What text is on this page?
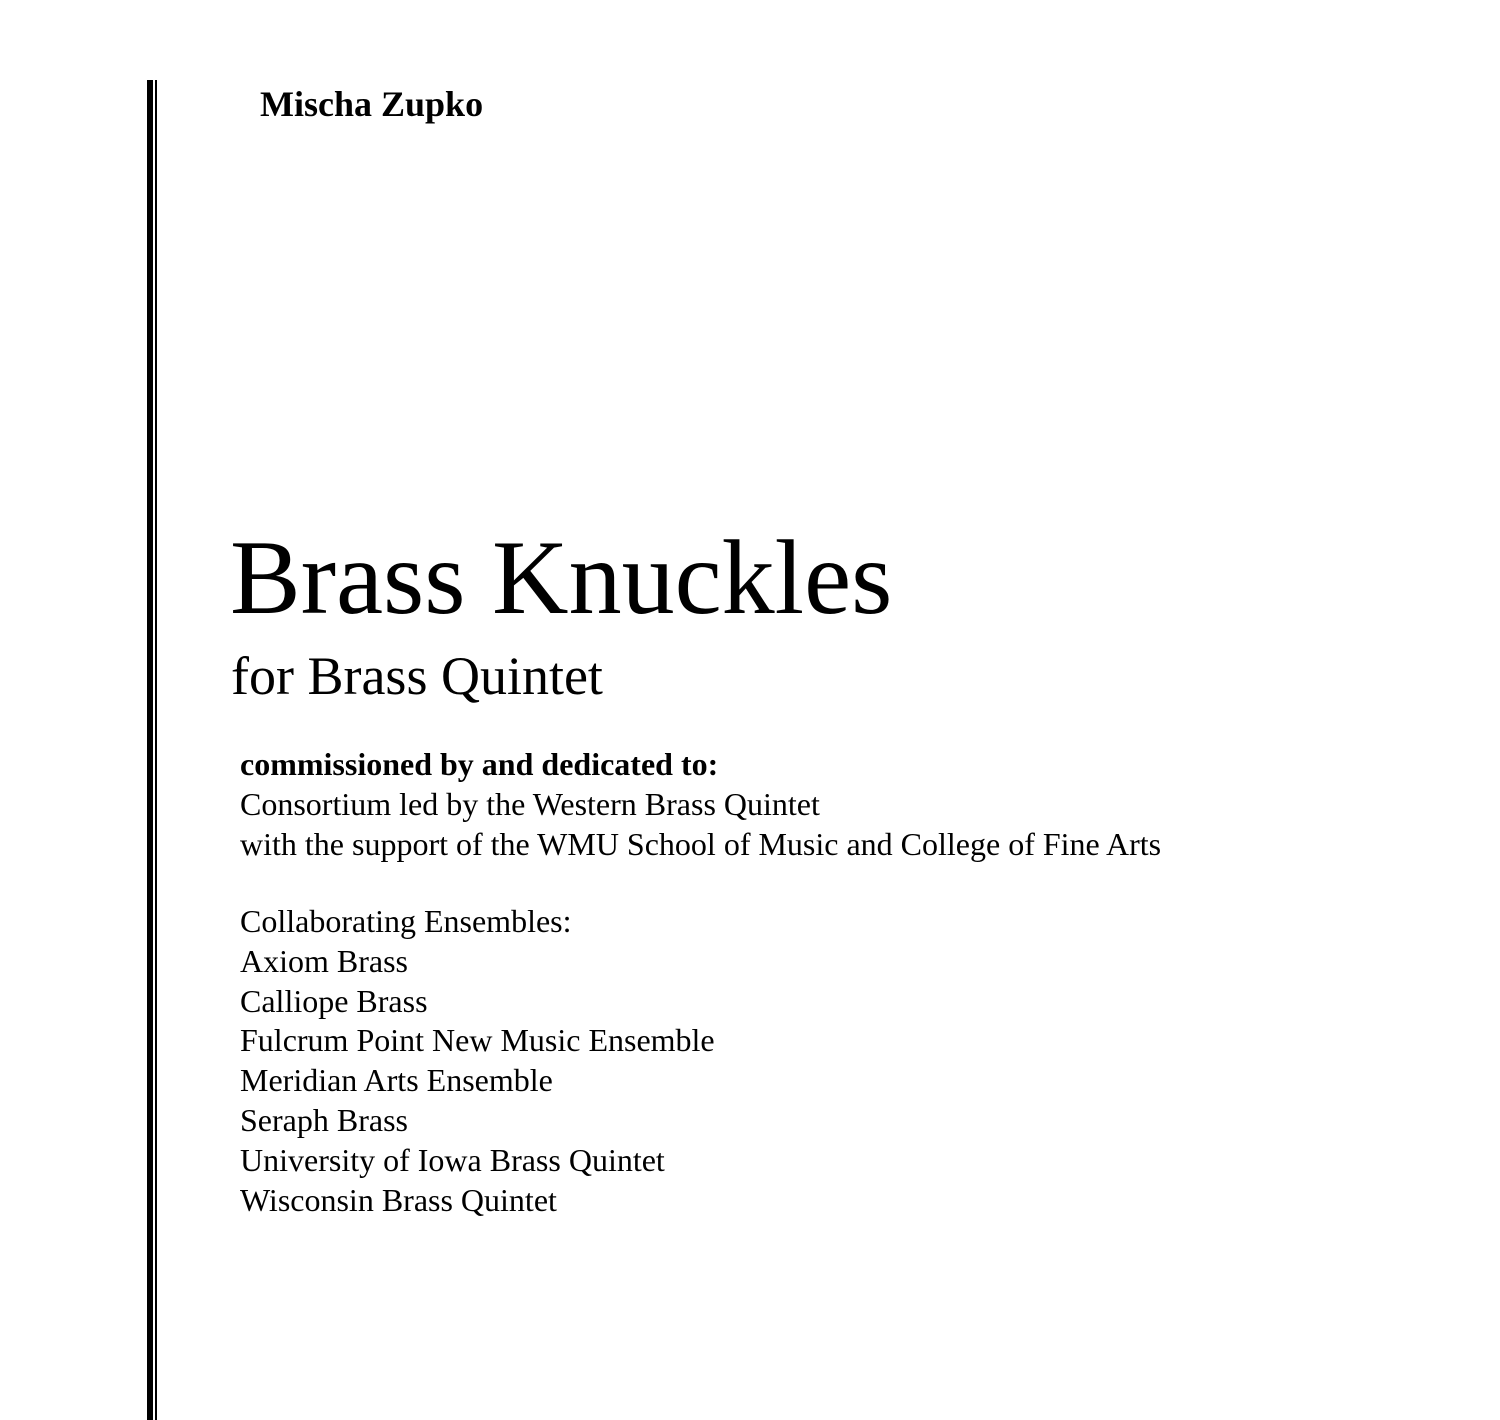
Mischa Zupko
Brass Knuckles
for Brass Quintet
commissioned by and dedicated to:
Consortium led by the Western Brass Quintet
with the support of the WMU School of Music and College of Fine Arts
Collaborating Ensembles:
Axiom Brass
Calliope Brass
Fulcrum Point New Music Ensemble
Meridian Arts Ensemble
Seraph Brass
University of Iowa Brass Quintet
Wisconsin Brass Quintet
